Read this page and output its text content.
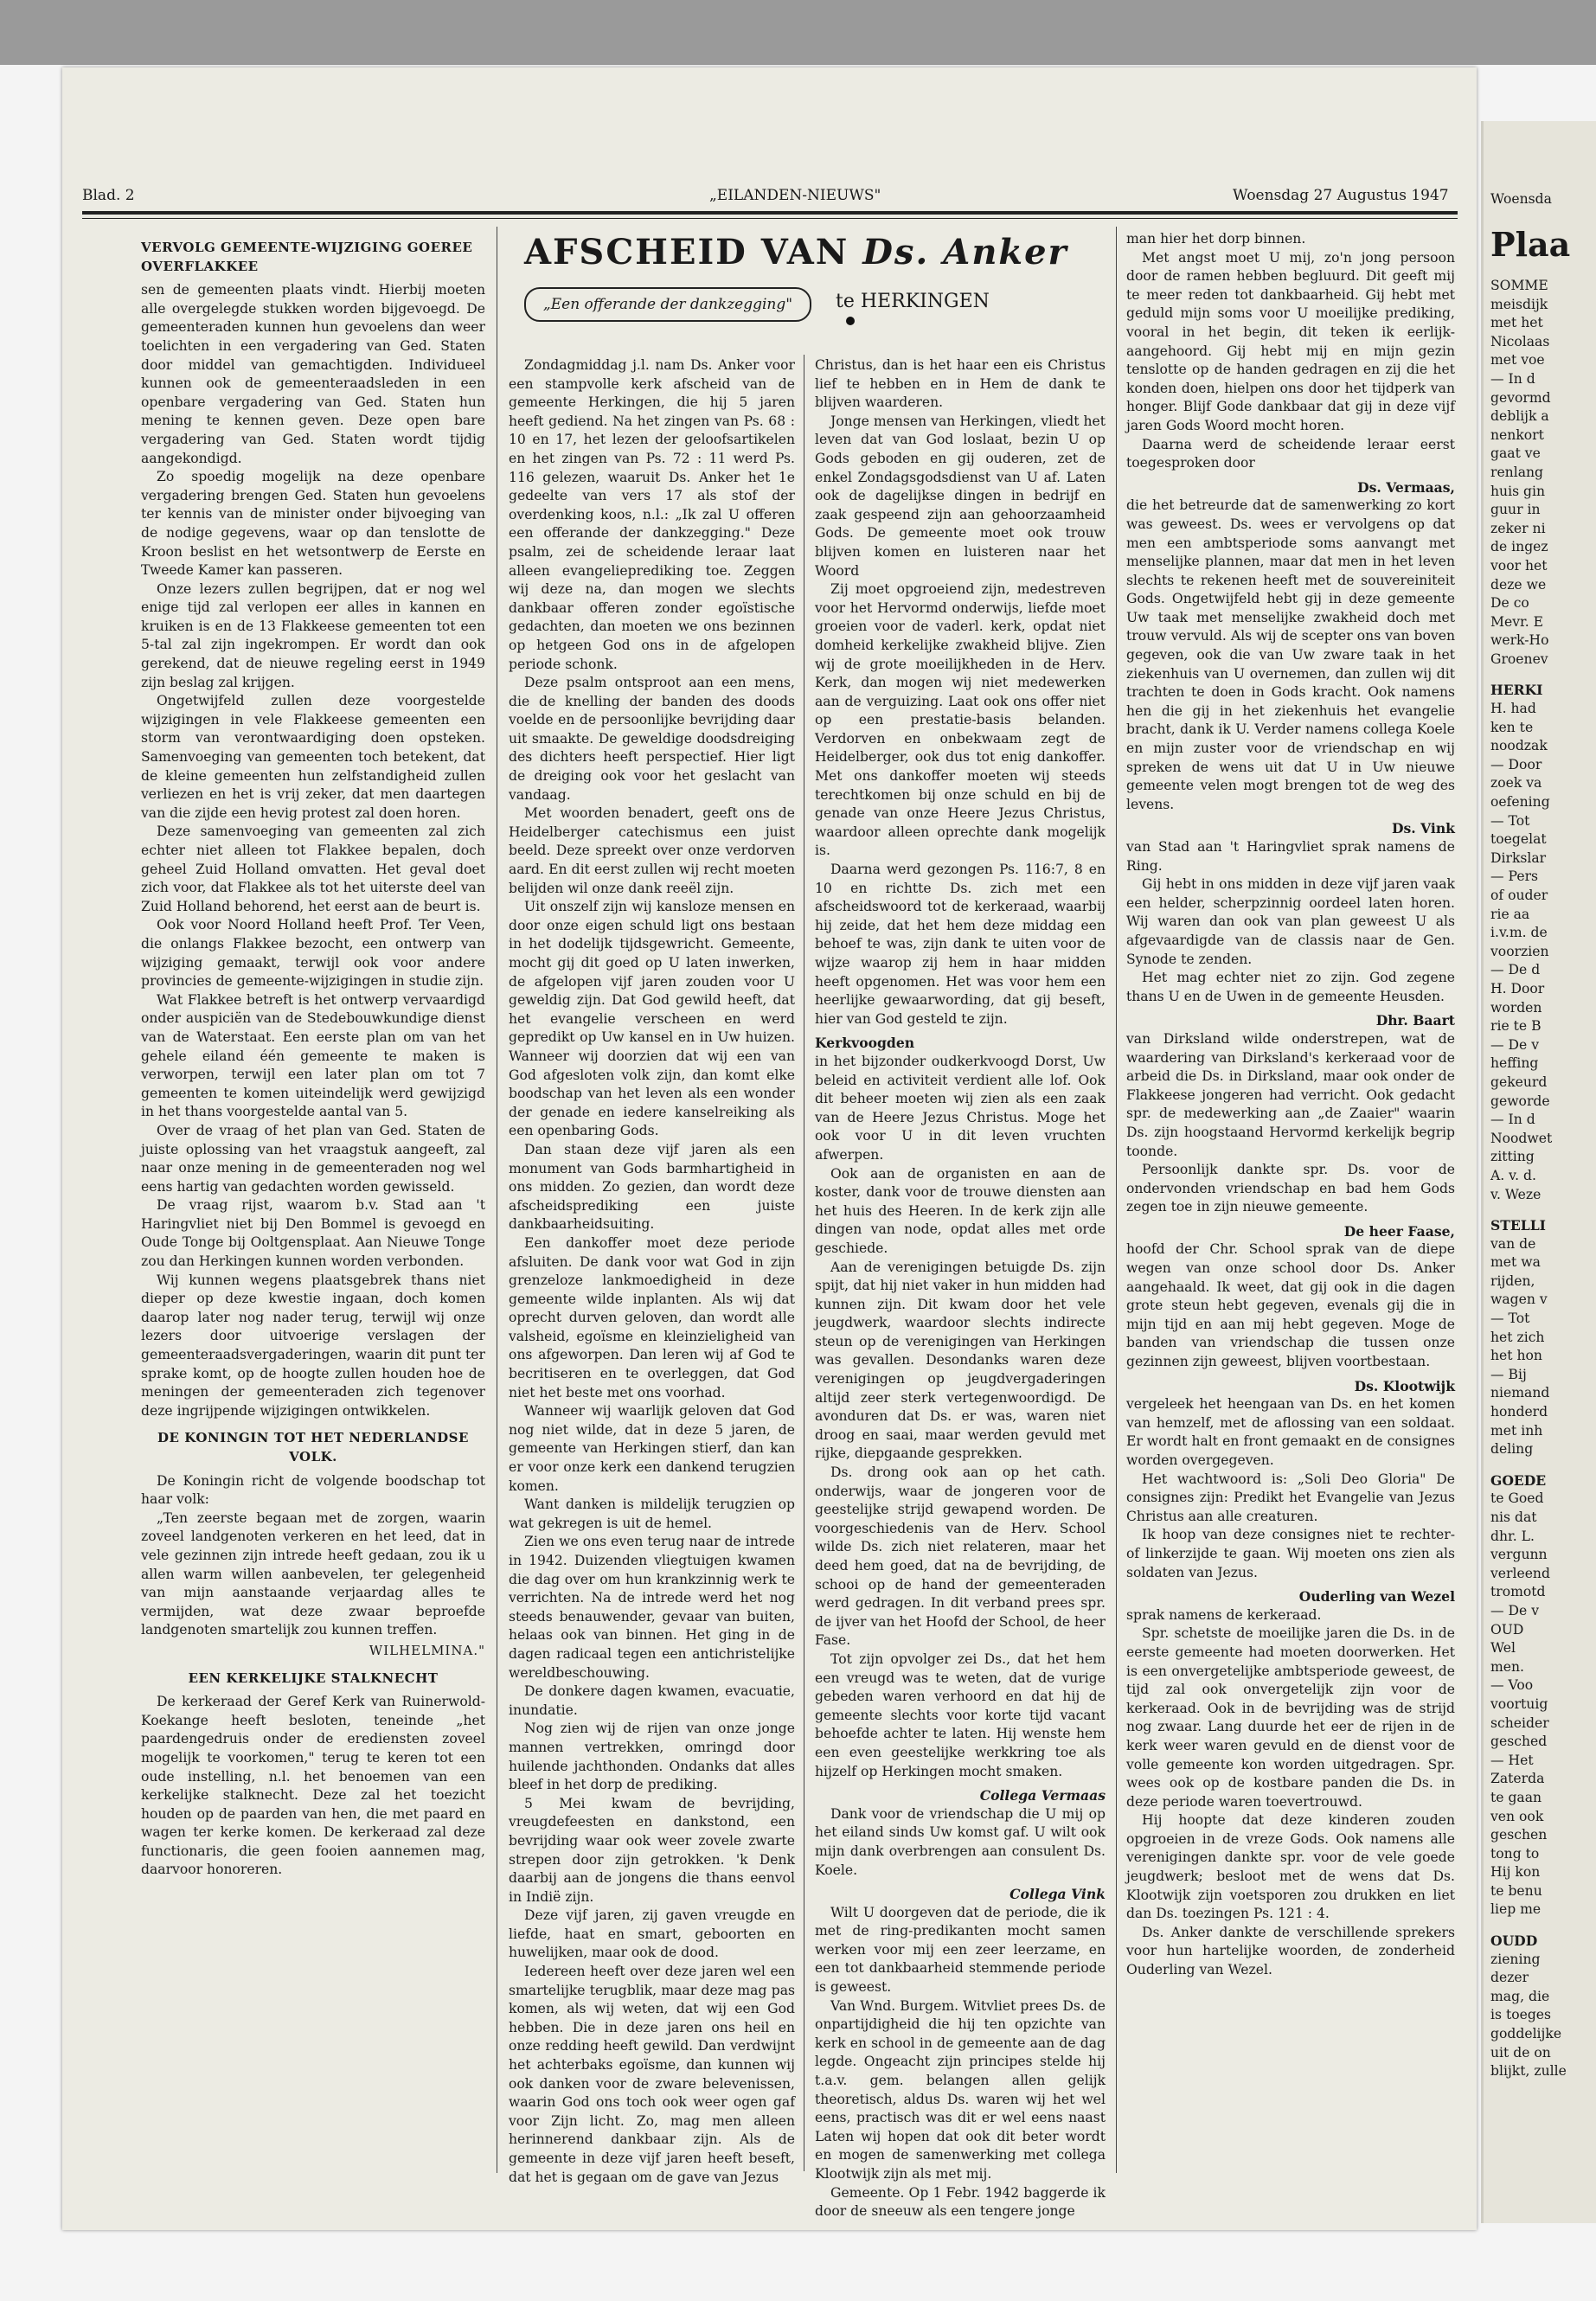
Woensda
Plaa

SOMME

meisdijk

met het

Nicolaas

met voe

— In d

gevormd

deblijk a

nenkort

gaat ve

renlang

huis gin

guur in

zeker ni

de ingez

voor het

deze we

De co

Mevr. E

werk-Ho

Groenev

HERKI

H. had

ken te

noodzak

— Door

zoek va

oefening

— Tot

toegelat

Dirkslar

— Pers

of ouder

rie aa

i.v.m. de

voorzien

— De d

H. Door

worden

rie te B

— De v

heffing

gekeurd

geworde

— In d

Noodwet

zitting

A. v. d.

v. Weze

STELLI

van de

met wa

rijden,

wagen v

— Tot

het zich

het hon

— Bij

niemand

honderd

met inh

deling

GOEDE

te Goed

nis dat

dhr. L.

vergunn

verleend

tromotd

— De v

OUD

Wel

men.

— Voo

voortuig

scheider

gesched

— Het

Zaterda

te gaan

ven ook

geschen

tong to

Hij kon

te benu

liep me

OUDD

ziening

dezer

mag, die

is toeges

goddelijke

uit de on

blijkt, zulle

Blad. 2	„EILANDEN-NIEUWS"	Woensdag 27 Augustus 1947
VERVOLG GEMEENTE-WIJZIGING GOEREE OVERFLAKKEE

sen de gemeenten plaats vindt. Hierbij moeten alle overgelegde stukken worden bijgevoegd. De gemeenteraden kunnen hun gevoelens dan weer toelichten in een vergadering van Ged. Staten door middel van gemachtigden. Individueel kunnen ook de gemeenteraadsleden in een openbare vergadering van Ged. Staten hun mening te kennen geven. Deze open bare vergadering van Ged. Staten wordt tijdig aangekondigd.

Zo spoedig mogelijk na deze openbare vergadering brengen Ged. Staten hun gevoelens ter kennis van de minister onder bijvoeging van de nodige gegevens, waar op dan tenslotte de Kroon beslist en het wetsontwerp de Eerste en Tweede Kamer kan passeren.

Onze lezers zullen begrijpen, dat er nog wel enige tijd zal verlopen eer alles in kannen en kruiken is en de 13 Flakkeese gemeenten tot een 5-tal zal zijn ingekrompen. Er wordt dan ook gerekend, dat de nieuwe regeling eerst in 1949 zijn beslag zal krijgen.

Ongetwijfeld zullen deze voorgestelde wijzigingen in vele Flakkeese gemeenten een storm van verontwaardiging doen opsteken. Samenvoeging van gemeenten toch betekent, dat de kleine gemeenten hun zelfstandigheid zullen verliezen en het is vrij zeker, dat men daartegen van die zijde een hevig protest zal doen horen.

Deze samenvoeging van gemeenten zal zich echter niet alleen tot Flakkee bepalen, doch geheel Zuid Holland omvatten. Het geval doet zich voor, dat Flakkee als tot het uiterste deel van Zuid Holland behorend, het eerst aan de beurt is.

Ook voor Noord Holland heeft Prof. Ter Veen, die onlangs Flakkee bezocht, een ontwerp van wijziging gemaakt, terwijl ook voor andere provincies de gemeente-wijzigingen in studie zijn.

Wat Flakkee betreft is het ontwerp vervaardigd onder auspiciën van de Stedebouwkundige dienst van de Waterstaat. Een eerste plan om van het gehele eiland één gemeente te maken is verworpen, terwijl een later plan om tot 7 gemeenten te komen uiteindelijk werd gewijzigd in het thans voorgestelde aantal van 5.

Over de vraag of het plan van Ged. Staten de juiste oplossing van het vraagstuk aangeeft, zal naar onze mening in de gemeenteraden nog wel eens hartig van gedachten worden gewisseld.

De vraag rijst, waarom b.v. Stad aan 't Haringvliet niet bij Den Bommel is gevoegd en Oude Tonge bij Ooltgensplaat. Aan Nieuwe Tonge zou dan Herkingen kunnen worden verbonden.

Wij kunnen wegens plaatsgebrek thans niet dieper op deze kwestie ingaan, doch komen daarop later nog nader terug, terwijl wij onze lezers door uitvoerige verslagen der gemeenteraadsvergaderingen, waarin dit punt ter sprake komt, op de hoogte zullen houden hoe de meningen der gemeenteraden zich tegenover deze ingrijpende wijzigingen ontwikkelen.

DE KONINGIN TOT HET NEDERLANDSE VOLK.

De Koningin richt de volgende boodschap tot haar volk:

„Ten zeerste begaan met de zorgen, waarin zoveel landgenoten verkeren en het leed, dat in vele gezinnen zijn intrede heeft gedaan, zou ik u allen warm willen aanbevelen, ter gelegenheid van mijn aanstaande verjaardag alles te vermijden, wat deze zwaar beproefde landgenoten smartelijk zou kunnen treffen.

WILHELMINA."
EEN KERKELIJKE STALKNECHT

De kerkeraad der Geref Kerk van Ruinerwold-Koekange heeft besloten, teneinde „het paardengedruis onder de erediensten zoveel mogelijk te voorkomen," terug te keren tot een oude instelling, n.l. het benoemen van een kerkelijke stalknecht. Deze zal het toezicht houden op de paarden van hen, die met paard en wagen ter kerke komen. De kerkeraad zal deze functionaris, die geen fooien aannemen mag, daarvoor honoreren.

AFSCHEID VAN Ds. Anker
„Een offerande der dankzegging"	te HERKINGEN

Zondagmiddag j.l. nam Ds. Anker voor een stampvolle kerk afscheid van de gemeente Herkingen, die hij 5 jaren heeft gediend. Na het zingen van Ps. 68 : 10 en 17, het lezen der geloofsartikelen en het zingen van Ps. 72 : 11 werd Ps. 116 gelezen, waaruit Ds. Anker het 1e gedeelte van vers 17 als stof der overdenking koos, n.l.: „Ik zal U offeren een offerande der dankzegging." Deze psalm, zei de scheidende leraar laat alleen evangelieprediking toe. Zeggen wij deze na, dan mogen we slechts dankbaar offeren zonder egoïstische gedachten, dan moeten we ons bezinnen op hetgeen God ons in de afgelopen periode schonk.

Deze psalm ontsproot aan een mens, die de knelling der banden des doods voelde en de persoonlijke bevrijding daar uit smaakte. De geweldige doodsdreiging des dichters heeft perspectief. Hier ligt de dreiging ook voor het geslacht van vandaag.

Met woorden benadert, geeft ons de Heidelberger catechismus een juist beeld. Deze spreekt over onze verdorven aard. En dit eerst zullen wij recht moeten belijden wil onze dank reeël zijn.

Uit onszelf zijn wij kansloze mensen en door onze eigen schuld ligt ons bestaan in het dodelijk tijdsgewricht. Gemeente, mocht gij dit goed op U laten inwerken, de afgelopen vijf jaren zouden voor U geweldig zijn. Dat God gewild heeft, dat het evangelie verscheen en werd gepredikt op Uw kansel en in Uw huizen. Wanneer wij doorzien dat wij een van God afgesloten volk zijn, dan komt elke boodschap van het leven als een wonder der genade en iedere kanselreiking als een openbaring Gods.

Dan staan deze vijf jaren als een monument van Gods barmhartigheid in ons midden. Zo gezien, dan wordt deze afscheidsprediking een juiste dankbaarheidsuiting.

Een dankoffer moet deze periode afsluiten. De dank voor wat God in zijn grenzeloze lankmoedigheid in deze gemeente wilde inplanten. Als wij dat oprecht durven geloven, dan wordt alle valsheid, egoïsme en kleinzieligheid van ons afgeworpen. Dan leren wij af God te becritiseren en te overleggen, dat God niet het beste met ons voorhad.

Wanneer wij waarlijk geloven dat God nog niet wilde, dat in deze 5 jaren, de gemeente van Herkingen stierf, dan kan er voor onze kerk een dankend terugzien komen.

Want danken is mildelijk terugzien op wat gekregen is uit de hemel.

Zien we ons even terug naar de intrede in 1942. Duizenden vliegtuigen kwamen die dag over om hun krankzinnig werk te verrichten. Na de intrede werd het nog steeds benauwender, gevaar van buiten, helaas ook van binnen. Het ging in de dagen radicaal tegen een antichristelijke wereldbeschouwing.

De donkere dagen kwamen, evacuatie, inundatie.

Nog zien wij de rijen van onze jonge mannen vertrekken, omringd door huilende jachthonden. Ondanks dat alles bleef in het dorp de prediking.

5 Mei kwam de bevrijding, vreugdefeesten en dankstond, een bevrijding waar ook weer zovele zwarte strepen door zijn getrokken. 'k Denk daarbij aan de jongens die thans eenvol in Indië zijn.

Deze vijf jaren, zij gaven vreugde en liefde, haat en smart, geboorten en huwelijken, maar ook de dood.

Iedereen heeft over deze jaren wel een smartelijke terugblik, maar deze mag pas komen, als wij weten, dat wij een God hebben. Die in deze jaren ons heil en onze redding heeft gewild. Dan verdwijnt het achterbaks egoïsme, dan kunnen wij ook danken voor de zware belevenissen, waarin God ons toch ook weer ogen gaf voor Zijn licht. Zo, mag men alleen herinnerend dankbaar zijn. Als de gemeente in deze vijf jaren heeft beseft, dat het is gegaan om de gave van Jezus

Christus, dan is het haar een eis Christus lief te hebben en in Hem de dank te blijven waarderen.

Jonge mensen van Herkingen, vliedt het leven dat van God loslaat, bezin U op Gods geboden en gij ouderen, zet de enkel Zondagsgodsdienst van U af. Laten ook de dagelijkse dingen in bedrijf en zaak gespeend zijn aan gehoorzaamheid Gods. De gemeente moet ook trouw blijven komen en luisteren naar het Woord

Zij moet opgroeiend zijn, medestreven voor het Hervormd onderwijs, liefde moet groeien voor de vaderl. kerk, opdat niet domheid kerkelijke zwakheid blijve. Zien wij de grote moeilijkheden in de Herv. Kerk, dan mogen wij niet medewerken aan de verguizing. Laat ook ons offer niet op een prestatie-basis belanden. Verdorven en onbekwaam zegt de Heidelberger, ook dus tot enig dankoffer. Met ons dankoffer moeten wij steeds terechtkomen bij onze schuld en bij de genade van onze Heere Jezus Christus, waardoor alleen oprechte dank mogelijk is.

Daarna werd gezongen Ps. 116:7, 8 en 10 en richtte Ds. zich met een afscheidswoord tot de kerkeraad, waarbij hij zeide, dat het hem deze middag een behoef te was, zijn dank te uiten voor de wijze waarop zij hem in haar midden heeft opgenomen. Het was voor hem een heerlijke gewaarwording, dat gij beseft, hier van God gesteld te zijn.

Kerkvoogden

in het bijzonder oudkerkvoogd Dorst, Uw beleid en activiteit verdient alle lof. Ook dit beheer moeten wij zien als een zaak van de Heere Jezus Christus. Moge het ook voor U in dit leven vruchten afwerpen.

Ook aan de organisten en aan de koster, dank voor de trouwe diensten aan het huis des Heeren. In de kerk zijn alle dingen van node, opdat alles met orde geschiede.

Aan de verenigingen betuigde Ds. zijn spijt, dat hij niet vaker in hun midden had kunnen zijn. Dit kwam door het vele jeugdwerk, waardoor slechts indirecte steun op de verenigingen van Herkingen was gevallen. Desondanks waren deze verenigingen op jeugdvergaderingen altijd zeer sterk vertegenwoordigd. De avonduren dat Ds. er was, waren niet droog en saai, maar werden gevuld met rijke, diepgaande gesprekken.

Ds. drong ook aan op het cath. onderwijs, waar de jongeren voor de geestelijke strijd gewapend worden. De voorgeschiedenis van de Herv. School wilde Ds. zich niet relateren, maar het deed hem goed, dat na de bevrijding, de schooi op de hand der gemeenteraden werd gedragen. In dit verband prees spr. de ijver van het Hoofd der School, de heer Fase.

Tot zijn opvolger zei Ds., dat het hem een vreugd was te weten, dat de vurige gebeden waren verhoord en dat hij de gemeente slechts voor korte tijd vacant behoefde achter te laten. Hij wenste hem een even geestelijke werkkring toe als hijzelf op Herkingen mocht smaken.

Collega Vermaas

Dank voor de vriendschap die U mij op het eiland sinds Uw komst gaf. U wilt ook mijn dank overbrengen aan consulent Ds. Koele.

Collega Vink

Wilt U doorgeven dat de periode, die ik met de ring-predikanten mocht samen werken voor mij een zeer leerzame, en een tot dankbaarheid stemmende periode is geweest.

Van Wnd. Burgem. Witvliet prees Ds. de onpartijdigheid die hij ten opzichte van kerk en school in de gemeente aan de dag legde. Ongeacht zijn principes stelde hij t.a.v. gem. belangen allen gelijk theoretisch, aldus Ds. waren wij het wel eens, practisch was dit er wel eens naast Laten wij hopen dat ook dit beter wordt en mogen de samenwerking met collega Klootwijk zijn als met mij.

Gemeente. Op 1 Febr. 1942 baggerde ik door de sneeuw als een tengere jonge

man hier het dorp binnen.

Met angst moet U mij, zo'n jong persoon door de ramen hebben begluurd. Dit geeft mij te meer reden tot dankbaarheid. Gij hebt met geduld mijn soms voor U moeilijke prediking, vooral in het begin, dit teken ik eerlijk- aangehoord. Gij hebt mij en mijn gezin tenslotte op de handen gedragen en zij die het konden doen, hielpen ons door het tijdperk van honger. Blijf Gode dankbaar dat gij in deze vijf jaren Gods Woord mocht horen.

Daarna werd de scheidende leraar eerst toegesproken door

Ds. Vermaas,

die het betreurde dat de samenwerking zo kort was geweest. Ds. wees er vervolgens op dat men een ambtsperiode soms aanvangt met menselijke plannen, maar dat men in het leven slechts te rekenen heeft met de souvereiniteit Gods. Ongetwijfeld hebt gij in deze gemeente Uw taak met menselijke zwakheid doch met trouw vervuld. Als wij de scepter ons van boven gegeven, ook die van Uw zware taak in het ziekenhuis van U overnemen, dan zullen wij dit trachten te doen in Gods kracht. Ook namens hen die gij in het ziekenhuis het evangelie bracht, dank ik U. Verder namens collega Koele en mijn zuster voor de vriendschap en wij spreken de wens uit dat U in Uw nieuwe gemeente velen mogt brengen tot de weg des levens.

Ds. Vink

van Stad aan 't Haringvliet sprak namens de Ring.

Gij hebt in ons midden in deze vijf jaren vaak een helder, scherpzinnig oordeel laten horen. Wij waren dan ook van plan geweest U als afgevaardigde van de classis naar de Gen. Synode te zenden.

Het mag echter niet zo zijn. God zegene thans U en de Uwen in de gemeente Heusden.

Dhr. Baart

van Dirksland wilde onderstrepen, wat de waardering van Dirksland's kerkeraad voor de arbeid die Ds. in Dirksland, maar ook onder de Flakkeese jongeren had verricht. Ook gedacht spr. de medewerking aan „de Zaaier" waarin Ds. zijn hoogstaand Hervormd kerkelijk begrip toonde.

Persoonlijk dankte spr. Ds. voor de ondervonden vriendschap en bad hem Gods zegen toe in zijn nieuwe gemeente.

De heer Faase,

hoofd der Chr. School sprak van de diepe wegen van onze school door Ds. Anker aangehaald. Ik weet, dat gij ook in die dagen grote steun hebt gegeven, evenals gij die in mijn tijd en aan mij hebt gegeven. Moge de banden van vriendschap die tussen onze gezinnen zijn geweest, blijven voortbestaan.

Ds. Klootwijk

vergeleek het heengaan van Ds. en het komen van hemzelf, met de aflossing van een soldaat. Er wordt halt en front gemaakt en de consignes worden overgegeven.

Het wachtwoord is: „Soli Deo Gloria" De consignes zijn: Predikt het Evangelie van Jezus Christus aan alle creaturen.

Ik hoop van deze consignes niet te rechter- of linkerzijde te gaan. Wij moeten ons zien als soldaten van Jezus.

Ouderling van Wezel

sprak namens de kerkeraad.

Spr. schetste de moeilijke jaren die Ds. in de eerste gemeente had moeten doorwerken. Het is een onvergetelijke ambtsperiode geweest, de tijd zal ook onvergetelijk zijn voor de kerkeraad. Ook in de bevrijding was de strijd nog zwaar. Lang duurde het eer de rijen in de kerk weer waren gevuld en de dienst voor de volle gemeente kon worden uitgedragen. Spr. wees ook op de kostbare panden die Ds. in deze periode waren toevertrouwd.

Hij hoopte dat deze kinderen zouden opgroeien in de vreze Gods. Ook namens alle verenigingen dankte spr. voor de vele goede jeugdwerk; besloot met de wens dat Ds. Klootwijk zijn voetsporen zou drukken en liet dan Ds. toezingen Ps. 121 : 4.

Ds. Anker dankte de verschillende sprekers voor hun hartelijke woorden, de zonderheid Ouderling van Wezel.
